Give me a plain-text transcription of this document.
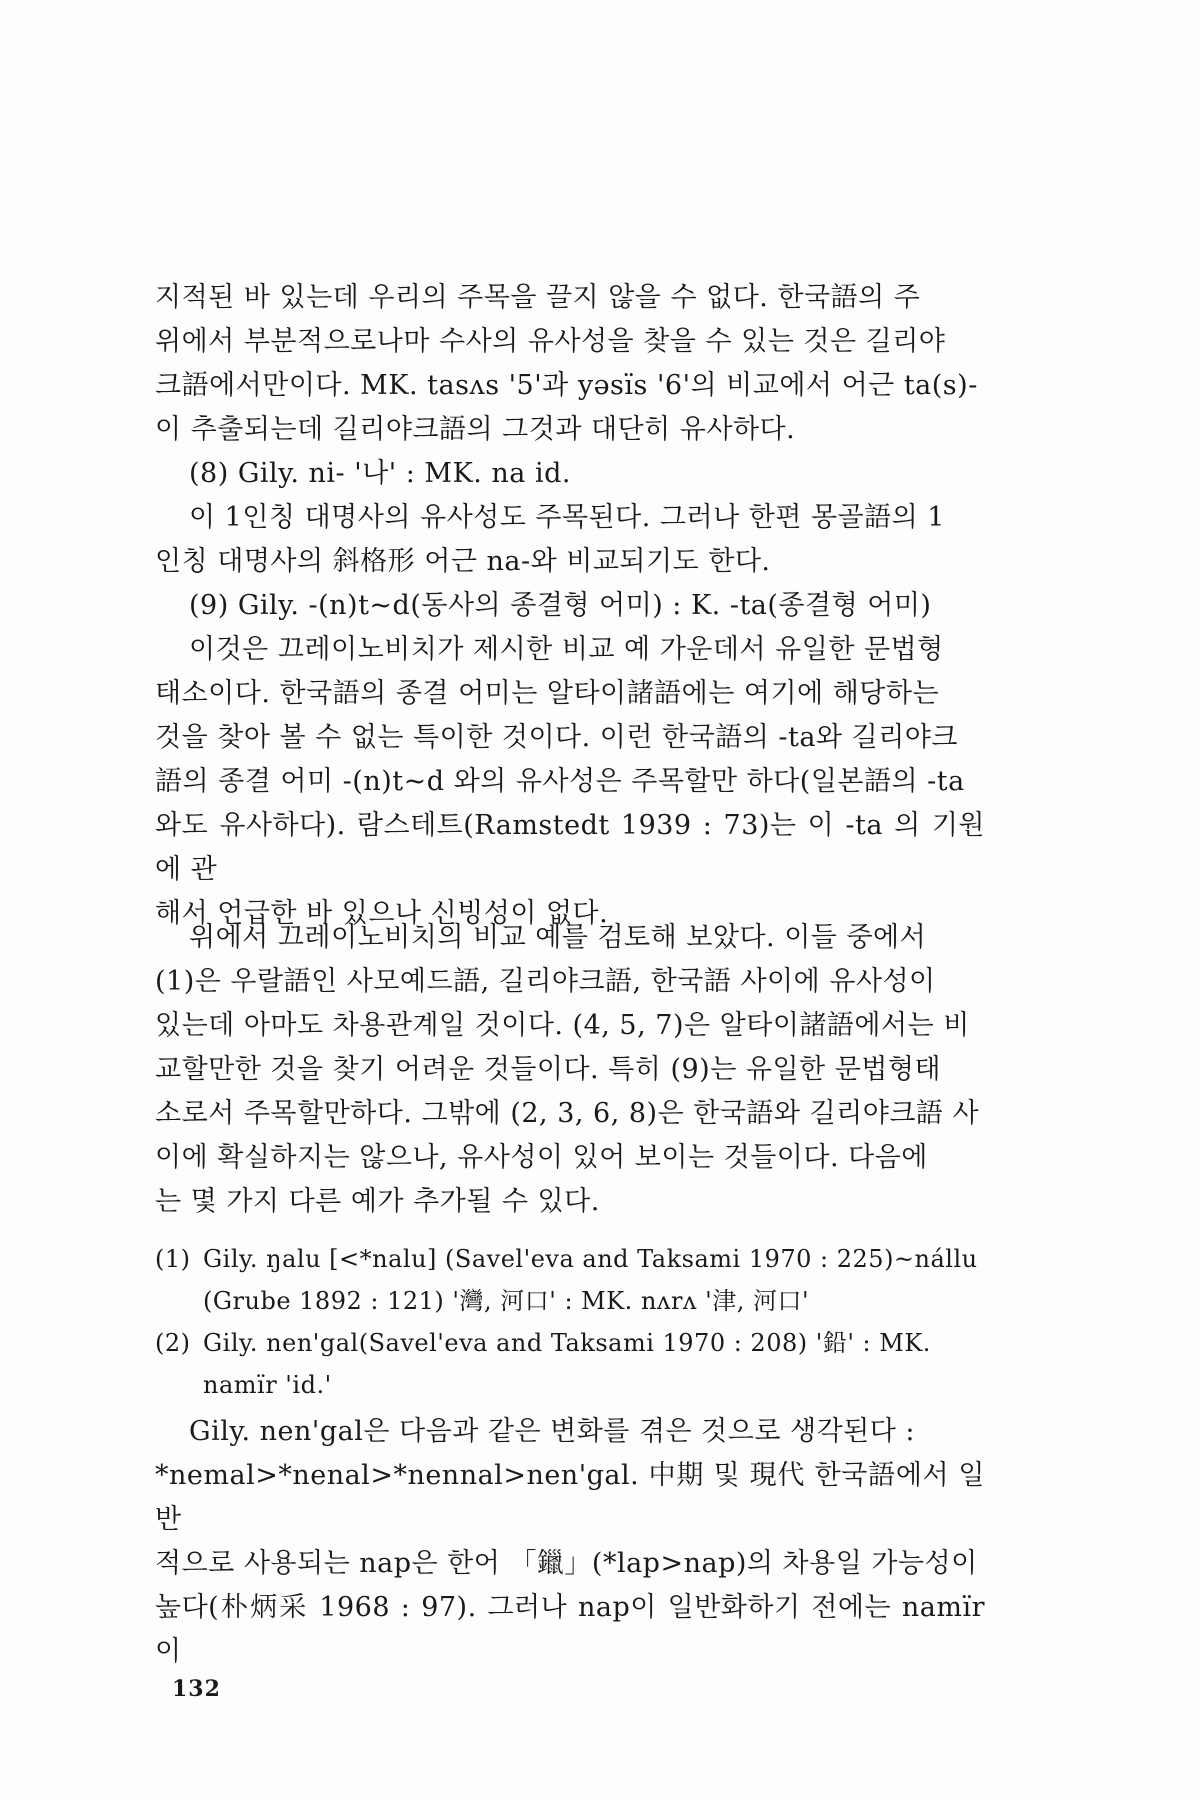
지적된 바 있는데 우리의 주목을 끌지 않을 수 없다. 한국語의 주

위에서 부분적으로나마 수사의 유사성을 찾을 수 있는 것은 길리야

크語에서만이다. MK. tasʌs '5'과 yəsïs '6'의 비교에서 어근 ta(s)-

이 추출되는데 길리야크語의 그것과 대단히 유사하다.

(8) Gily. ni- '나' : MK. na id.

이 1인칭 대명사의 유사성도 주목된다. 그러나 한편 몽골語의 1

인칭 대명사의 斜格形 어근 na-와 비교되기도 한다.

(9) Gily. -(n)t~d(동사의 종결형 어미) : K. -ta(종결형 어미)

이것은 끄레이노비치가 제시한 비교 예 가운데서 유일한 문법형

태소이다. 한국語의 종결 어미는 알타이諸語에는 여기에 해당하는

것을 찾아 볼 수 없는 특이한 것이다. 이런 한국語의 -ta와 길리야크

語의 종결 어미 -(n)t~d 와의 유사성은 주목할만 하다(일본語의 -ta

와도 유사하다). 람스테트(Ramstedt 1939 : 73)는 이 -ta 의 기원에 관

해서 언급한 바 있으나 신빙성이 없다.

위에서 끄레이노비치의 비교 예를 검토해 보았다. 이들 중에서

(1)은 우랄語인 사모예드語, 길리야크語, 한국語 사이에 유사성이

있는데 아마도 차용관계일 것이다. (4, 5, 7)은 알타이諸語에서는 비

교할만한 것을 찾기 어려운 것들이다. 특히 (9)는 유일한 문법형태

소로서 주목할만하다. 그밖에 (2, 3, 6, 8)은 한국語와 길리야크語 사

이에 확실하지는 않으나, 유사성이 있어 보이는 것들이다. 다음에

는 몇 가지 다른 예가 추가될 수 있다.

(1) Gily. ŋalu [<*nalu] (Savel'eva and Taksami 1970 : 225)~nállu

(Grube 1892 : 121) '灣, 河口' : MK. nʌrʌ '津, 河口'

(2) Gily. nen'gal(Savel'eva and Taksami 1970 : 208) '鉛' : MK.

namïr 'id.'

Gily. nen'gal은 다음과 같은 변화를 겪은 것으로 생각된다 :

*nemal>*nenal>*nennal>nen'gal. 中期 및 現代 한국語에서 일반

적으로 사용되는 nap은 한어 「鑞」(*lap>nap)의 차용일 가능성이

높다(朴炳采 1968 : 97). 그러나 nap이 일반화하기 전에는 namïr이

132
